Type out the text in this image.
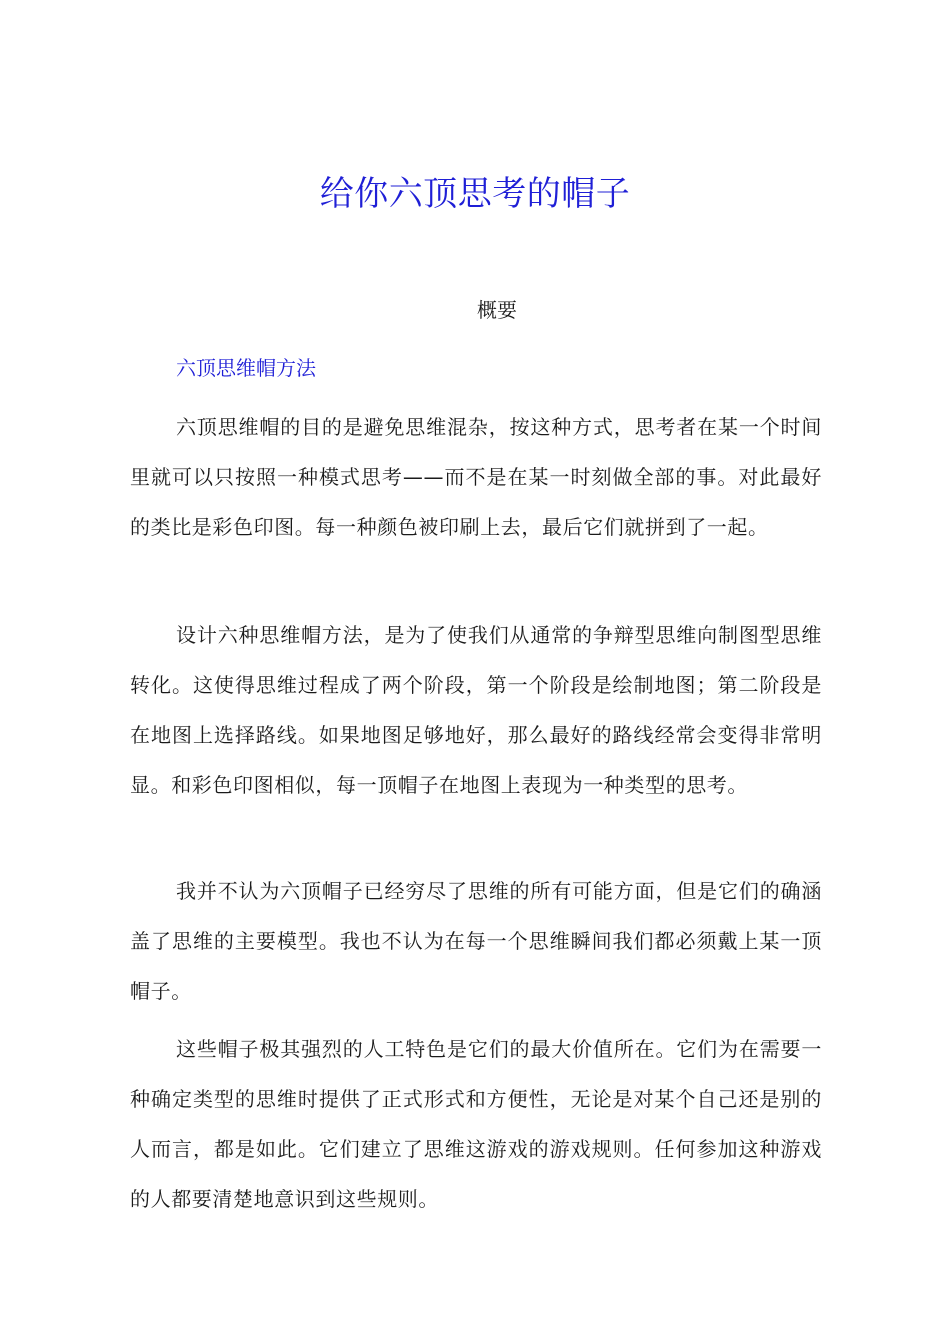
给你六顶思考的帽子
概要
六顶思维帽方法

六顶思维帽的目的是避免思维混杂，按这种方式，思考者在某一个时间里就可以只按照一种模式思考——而不是在某一时刻做全部的事。对此最好的类比是彩色印图。每一种颜色被印刷上去，最后它们就拼到了一起。

设计六种思维帽方法，是为了使我们从通常的争辩型思维向制图型思维转化。这使得思维过程成了两个阶段，第一个阶段是绘制地图；第二阶段是在地图上选择路线。如果地图足够地好，那么最好的路线经常会变得非常明显。和彩色印图相似，每一顶帽子在地图上表现为一种类型的思考。

我并不认为六顶帽子已经穷尽了思维的所有可能方面，但是它们的确涵盖了思维的主要模型。我也不认为在每一个思维瞬间我们都必须戴上某一顶帽子。

这些帽子极其强烈的人工特色是它们的最大价值所在。它们为在需要一种确定类型的思维时提供了正式形式和方便性，无论是对某个自己还是别的人而言，都是如此。它们建立了思维这游戏的游戏规则。任何参加这种游戏的人都要清楚地意识到这些规则。
